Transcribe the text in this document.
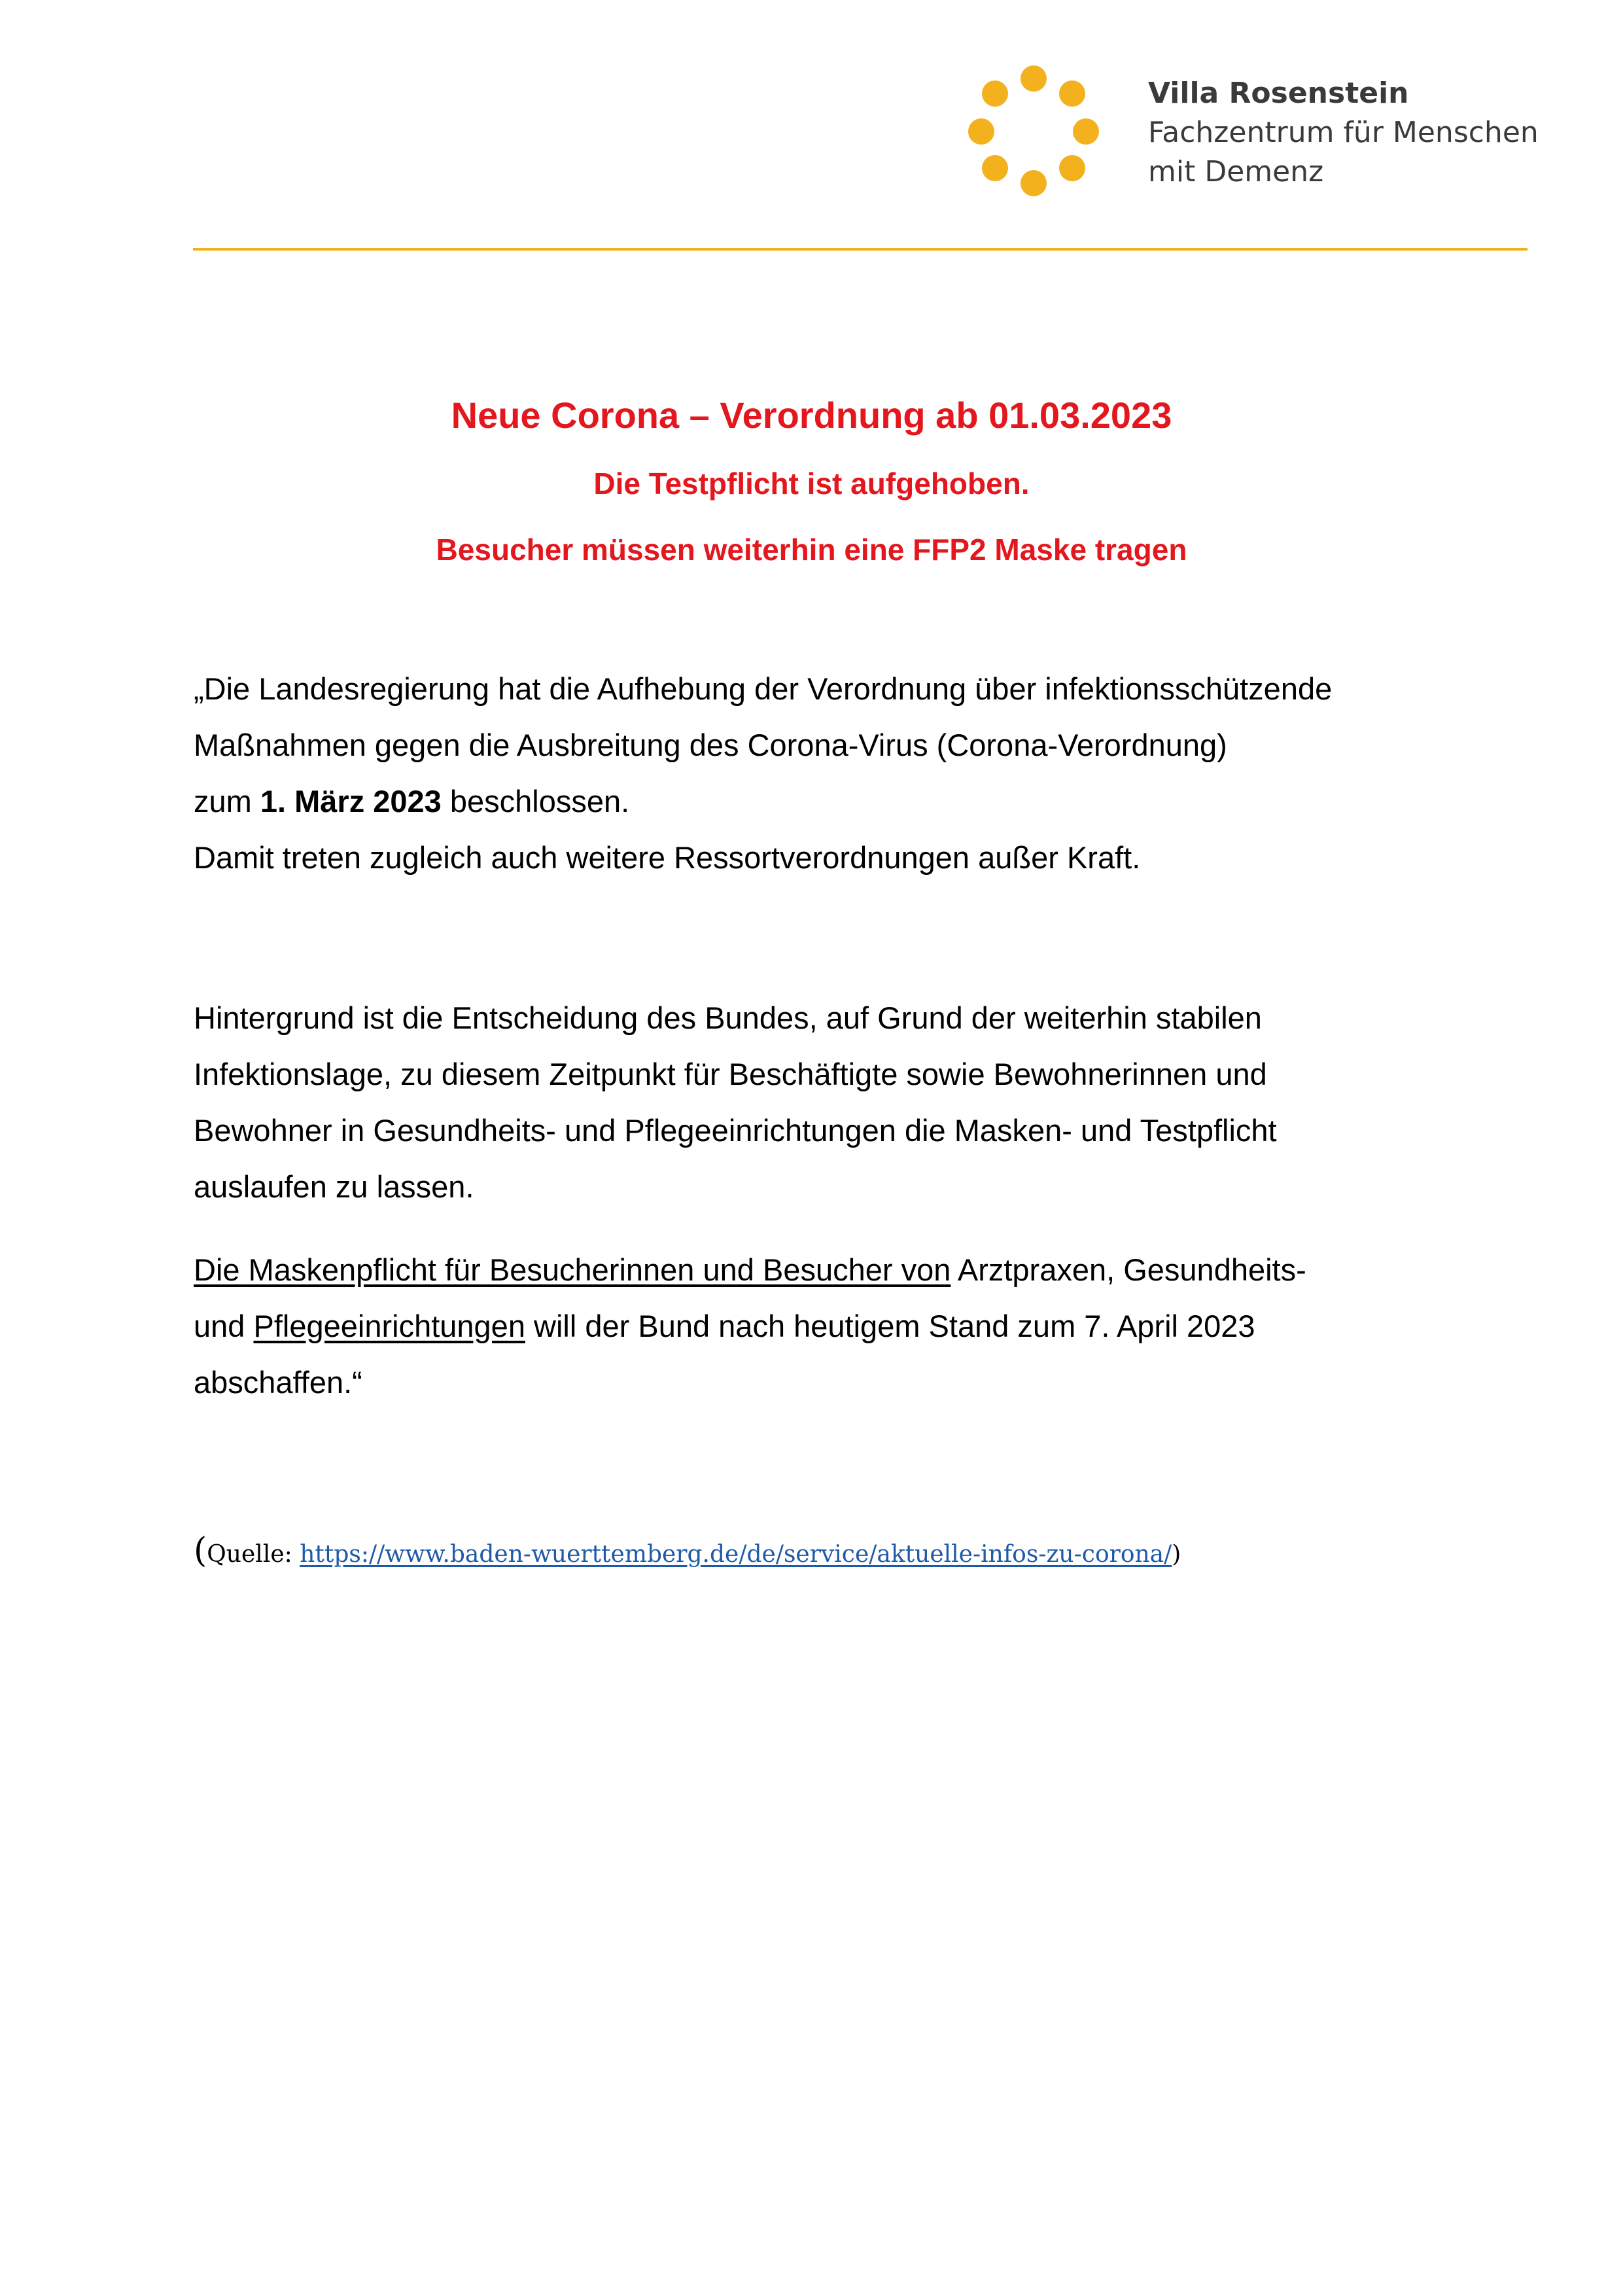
Villa Rosenstein
Fachzentrum für Menschen
mit Demenz
Neue Corona – Verordnung ab 01.03.2023
Die Testpflicht ist aufgehoben.
Besucher müssen weiterhin eine FFP2 Maske tragen
„Die Landesregierung hat die Aufhebung der Verordnung über infektionsschützende
Maßnahmen gegen die Ausbreitung des Corona-Virus (Corona-Verordnung)
zum 1. März 2023 beschlossen.
Damit treten zugleich auch weitere Ressortverordnungen außer Kraft.
Hintergrund ist die Entscheidung des Bundes, auf Grund der weiterhin stabilen
Infektionslage, zu diesem Zeitpunkt für Beschäftigte sowie Bewohnerinnen und
Bewohner in Gesundheits- und Pflegeeinrichtungen die Masken- und Testpflicht
auslaufen zu lassen.
Die Maskenpflicht für Besucherinnen und Besucher von Arztpraxen, Gesundheits-
und Pflegeeinrichtungen will der Bund nach heutigem Stand zum 7. April 2023
abschaffen.“
(Quelle: https://www.baden-wuerttemberg.de/de/service/aktuelle-infos-zu-corona/)
